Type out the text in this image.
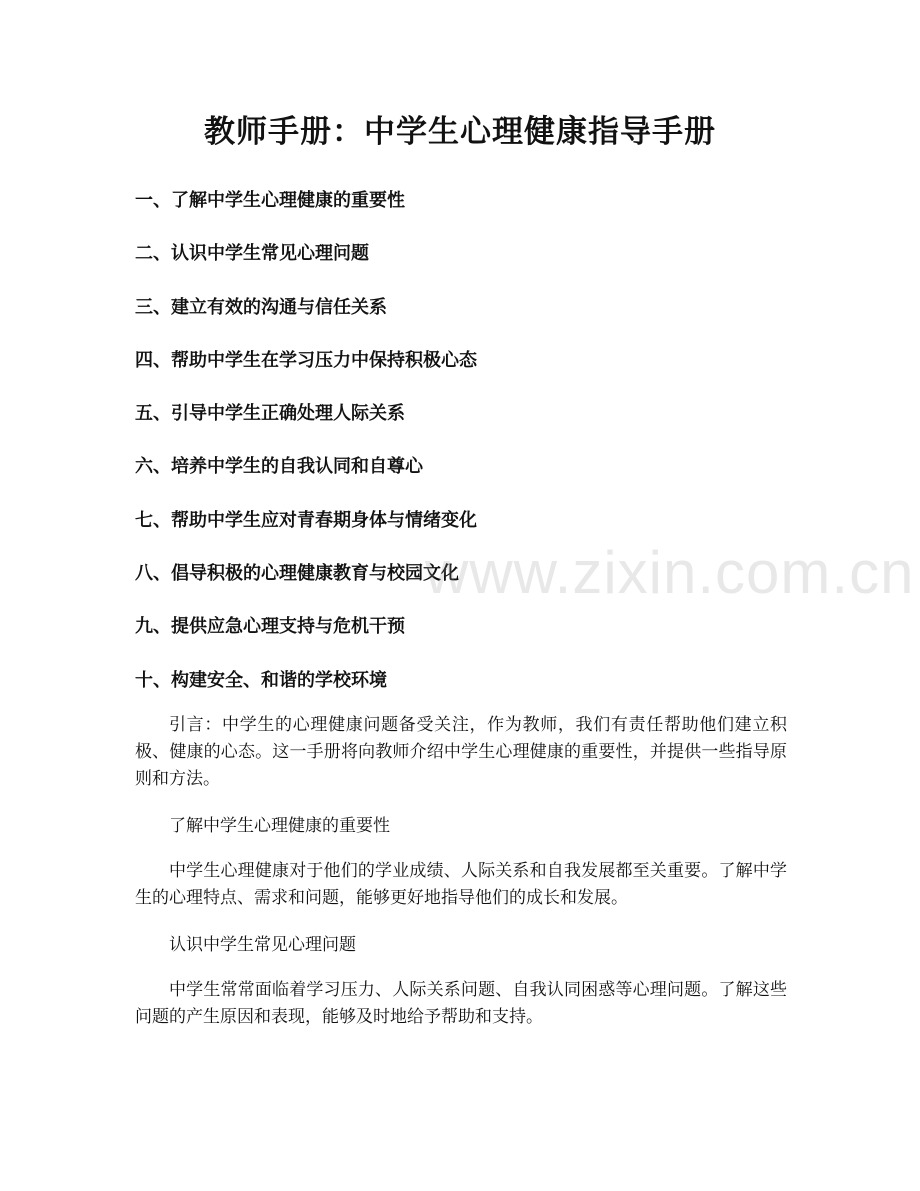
教师手册：中学生心理健康指导手册
一、了解中学生心理健康的重要性
二、认识中学生常见心理问题
三、建立有效的沟通与信任关系
四、帮助中学生在学习压力中保持积极心态
五、引导中学生正确处理人际关系
六、培养中学生的自我认同和自尊心
七、帮助中学生应对青春期身体与情绪变化
八、倡导积极的心理健康教育与校园文化
九、提供应急心理支持与危机干预
十、构建安全、和谐的学校环境

引言：中学生的心理健康问题备受关注，作为教师，我们有责任帮助他们建立积极、健康的心态。这一手册将向教师介绍中学生心理健康的重要性，并提供一些指导原则和方法。

了解中学生心理健康的重要性

中学生心理健康对于他们的学业成绩、人际关系和自我发展都至关重要。了解中学生的心理特点、需求和问题，能够更好地指导他们的成长和发展。

认识中学生常见心理问题

中学生常常面临着学习压力、人际关系问题、自我认同困惑等心理问题。了解这些问题的产生原因和表现，能够及时地给予帮助和支持。

www.zixin.com.cn
